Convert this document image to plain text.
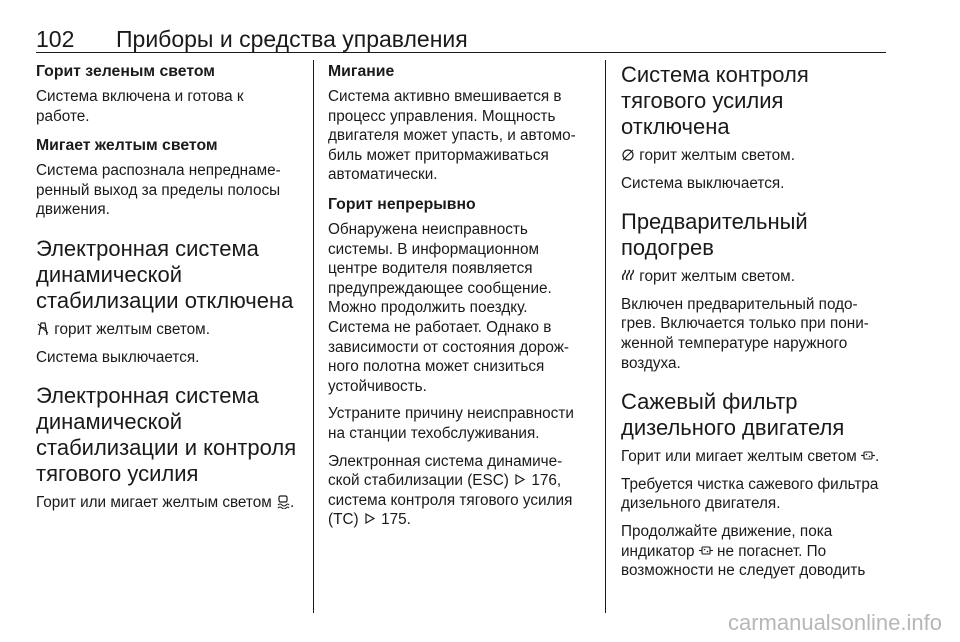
102 Приборы и средства управления
Горит зеленым светом

Система включена и готова к работе.

Мигает желтым светом

Система распознала непреднаме-ренный выход за пределы полосы движения.

Электронная система динамической стабилизации отключена

горит желтым светом.

Система выключается.

Электронная система динамической стабилизации и контроля тягового усилия

Горит или мигает желтым светом .

Мигание

Система активно вмешивается в процесс управления. Мощность двигателя может упасть, и автомо-биль может притормаживаться автоматически.

Горит непрерывно

Обнаружена неисправность системы. В информационном центре водителя появляется предупреждающее сообщение. Можно продолжить поездку. Система не работает. Однако в зависимости от состояния дорож-ного полотна может снизиться устойчивость.

Устраните причину неисправности на станции техобслуживания.

Электронная система динамиче-ской стабилизации (ESC) 176, система контроля тягового усилия (TC) 175.

Система контроля тягового усилия отключена

горит желтым светом.

Система выключается.

Предварительный подогрев

горит желтым светом.

Включен предварительный подо-грев. Включается только при пони-женной температуре наружного воздуха.

Сажевый фильтр дизельного двигателя

Горит или мигает желтым светом .

Требуется чистка сажевого фильтра дизельного двигателя.

Продолжайте движение, пока индикатор не погаснет. По возможности не следует доводить

carmanualsonline.info
